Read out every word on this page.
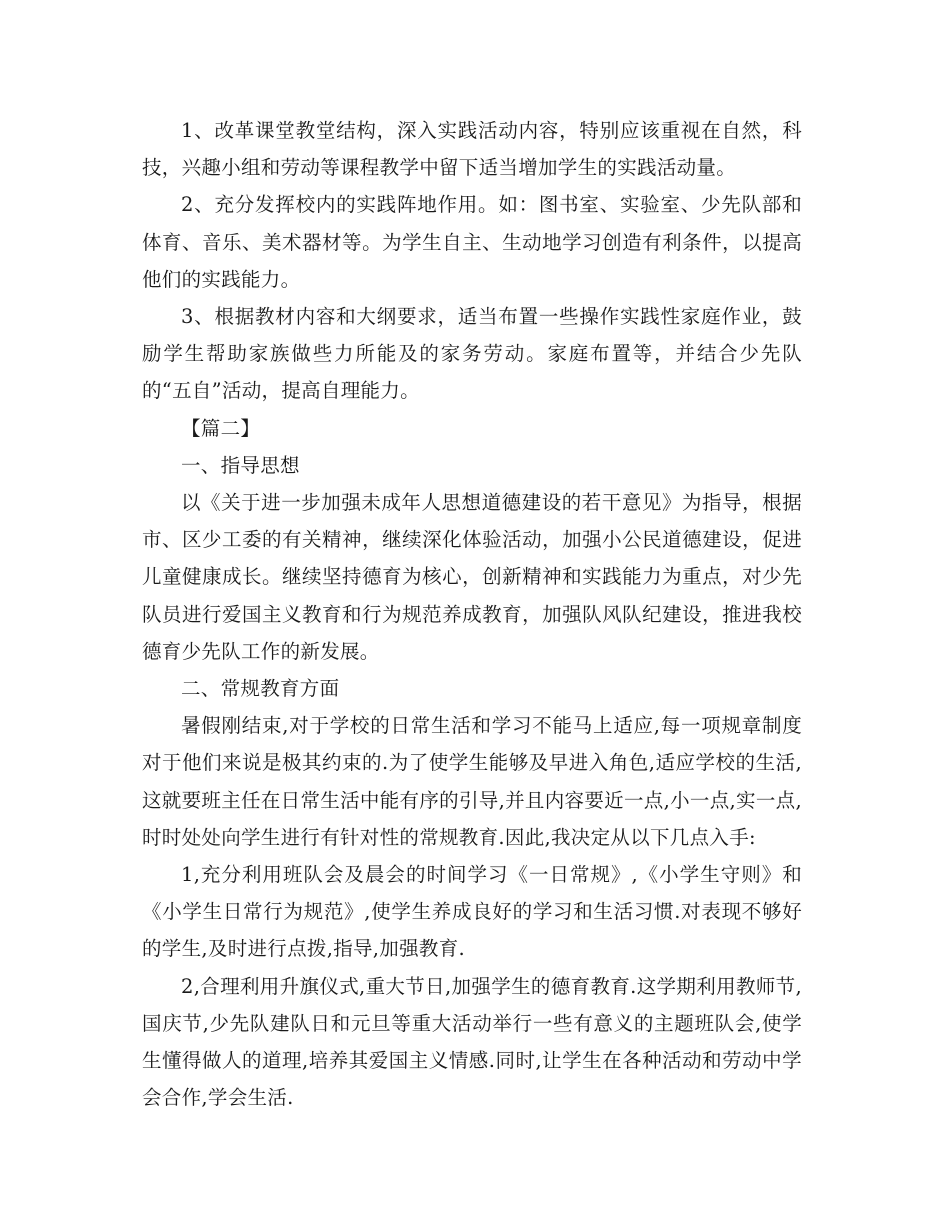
1、改革课堂教堂结构，深入实践活动内容，特别应该重视在自然，科技，兴趣小组和劳动等课程教学中留下适当增加学生的实践活动量。

2、充分发挥校内的实践阵地作用。如：图书室、实验室、少先队部和体育、音乐、美术器材等。为学生自主、生动地学习创造有利条件，以提高他们的实践能力。

3、根据教材内容和大纲要求，适当布置一些操作实践性家庭作业，鼓励学生帮助家族做些力所能及的家务劳动。家庭布置等，并结合少先队的“五自”活动，提高自理能力。

【篇二】

一、指导思想

以《关于进一步加强未成年人思想道德建设的若干意见》为指导，根据市、区少工委的有关精神，继续深化体验活动，加强小公民道德建设，促进儿童健康成长。继续坚持德育为核心，创新精神和实践能力为重点，对少先队员进行爱国主义教育和行为规范养成教育，加强队风队纪建设，推进我校德育少先队工作的新发展。

二、常规教育方面

暑假刚结束,对于学校的日常生活和学习不能马上适应,每一项规章制度对于他们来说是极其约束的.为了使学生能够及早进入角色,适应学校的生活,这就要班主任在日常生活中能有序的引导,并且内容要近一点,小一点,实一点,时时处处向学生进行有针对性的常规教育.因此,我决定从以下几点入手:

1,充分利用班队会及晨会的时间学习《一日常规》,《小学生守则》和《小学生日常行为规范》,使学生养成良好的学习和生活习惯.对表现不够好的学生,及时进行点拨,指导,加强教育.

2,合理利用升旗仪式,重大节日,加强学生的德育教育.这学期利用教师节,国庆节,少先队建队日和元旦等重大活动举行一些有意义的主题班队会,使学生懂得做人的道理,培养其爱国主义情感.同时,让学生在各种活动和劳动中学会合作,学会生活.
